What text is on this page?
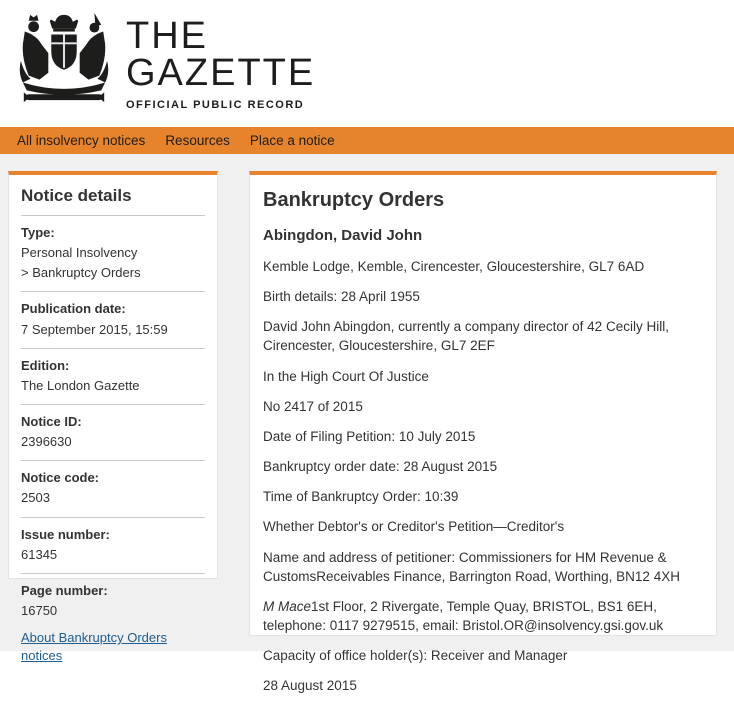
THE
GAZETTE
OFFICIAL PUBLIC RECORD
All insolvency notices Resources Place a notice
Notice details
Type:
Personal Insolvency
> Bankruptcy Orders
Publication date:
7 September 2015, 15:59
Edition:
The London Gazette
Notice ID:
2396630
Notice code:
2503
Issue number:
61345
Page number:
16750
About Bankruptcy Orders notices
Bankruptcy Orders
Abingdon, David John

Kemble Lodge, Kemble, Cirencester, Gloucestershire, GL7 6AD

Birth details: 28 April 1955

David John Abingdon, currently a company director of 42 Cecily Hill, Cirencester, Gloucestershire, GL7 2EF

In the High Court Of Justice

No 2417 of 2015

Date of Filing Petition: 10 July 2015

Bankruptcy order date: 28 August 2015

Time of Bankruptcy Order: 10:39

Whether Debtor's or Creditor's Petition—Creditor's

Name and address of petitioner: Commissioners for HM Revenue & CustomsReceivables Finance, Barrington Road, Worthing, BN12 4XH

M Mace1st Floor, 2 Rivergate, Temple Quay, BRISTOL, BS1 6EH, telephone: 0117 9279515, email: Bristol.OR@insolvency.gsi.gov.uk

Capacity of office holder(s): Receiver and Manager

28 August 2015
